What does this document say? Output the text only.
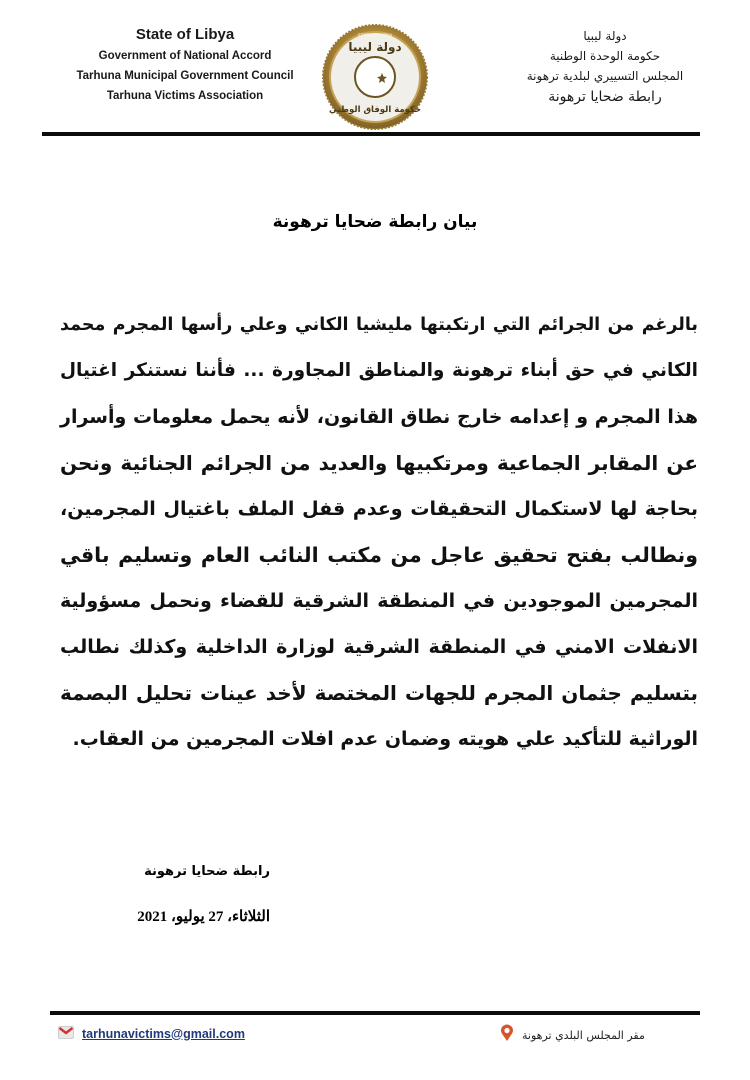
State of Libya
Government of National Accord
Tarhuna Municipal Government Council
Tarhuna Victims Association
دولة ليبيا
حكومة الوفاق الوطني
STATE OF LIBYA	دولة ليبيا
حكومة الوحدة الوطنية
المجلس التسييري لبلدية ترهونة
رابطة ضحايا ترهونة
بيان رابطة ضحايا ترهونة
بالرغم من الجرائم التي ارتكبتها مليشيا الكاني وعلي رأسها المجرم محمد
الكاني في حق أبناء ترهونة والمناطق المجاورة ... فأننا نستنكر اغتيال
هذا المجرم و إعدامه خارج نطاق القانون، لأنه يحمل معلومات وأسرار
عن المقابر الجماعية ومرتكبيها والعديد من الجرائم الجنائية ونحن
بحاجة لها لاستكمال التحقيقات وعدم قفل الملف باغتيال المجرمين،
ونطالب بفتح تحقيق عاجل من مكتب النائب العام وتسليم باقي
المجرمين الموجودين في المنطقة الشرقية للقضاء ونحمل مسؤولية
الانفلات الامني في المنطقة الشرقية لوزارة الداخلية وكذلك نطالب
بتسليم جثمان المجرم للجهات المختصة لأخد عينات تحليل البصمة
الوراثية للتأكيد علي هويته وضمان عدم افلات المجرمين من العقاب.
رابطة ضحايا ترهونة
الثلاثاء، 27 يوليو، 2021
tarhunavictims@gmail.com	مقر المجلس البلدي ترهونة
